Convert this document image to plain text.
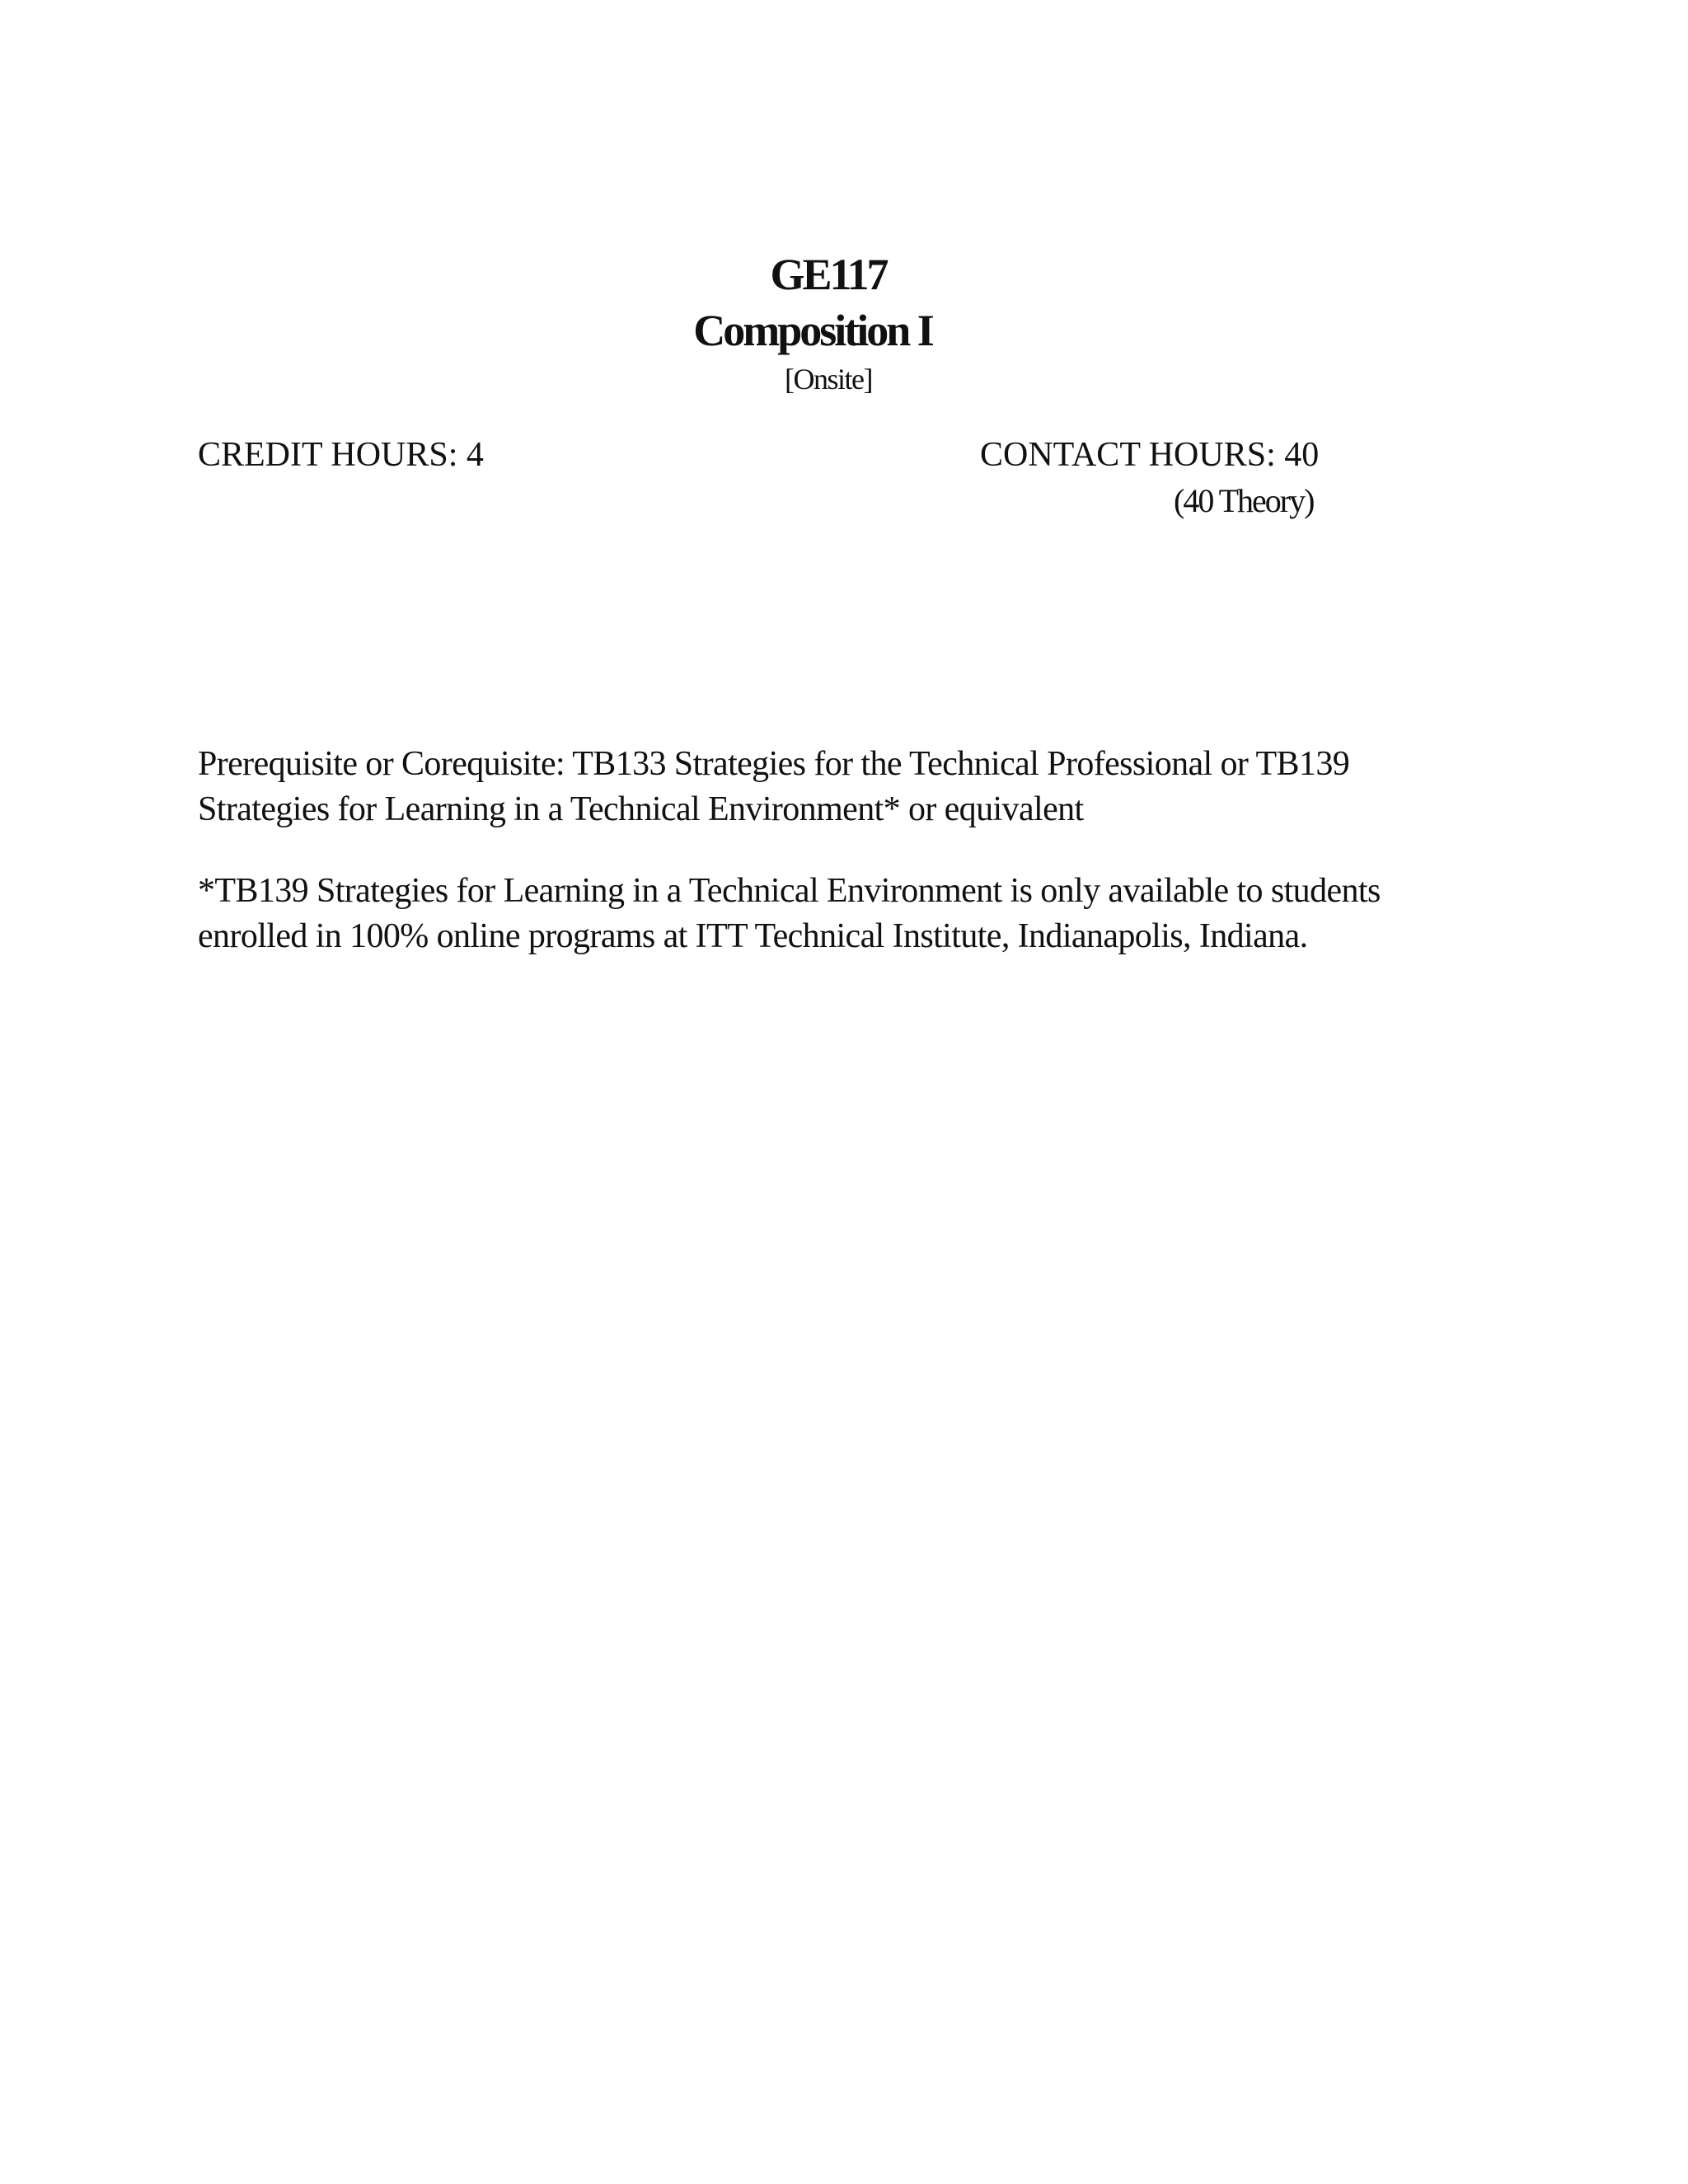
GE117
Composition I
[Onsite]
CREDIT HOURS: 4	CONTACT HOURS: 40
(40 Theory)
Prerequisite or Corequisite: TB133 Strategies for the Technical Professional or TB139 Strategies for Learning in a Technical Environment* or equivalent
*TB139 Strategies for Learning in a Technical Environment is only available to students enrolled in 100% online programs at ITT Technical Institute, Indianapolis, Indiana.
